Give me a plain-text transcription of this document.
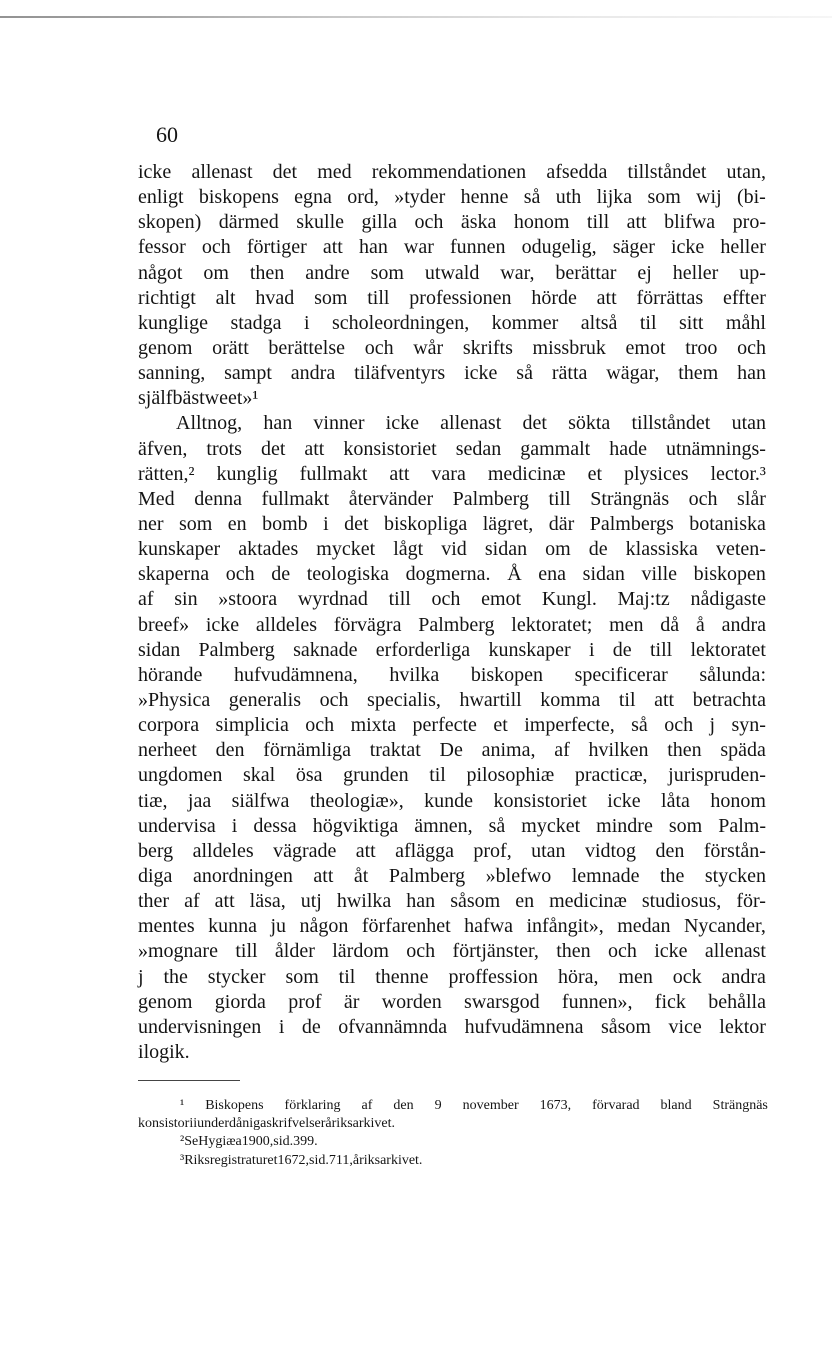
60
icke allenast det med rekommendationen afsedda tillståndet utan,
enligt biskopens egna ord, »tyder henne så uth lijka som wij (bi-
skopen) därmed skulle gilla och äska honom till att blifwa pro-
fessor och förtiger att han war funnen odugelig, säger icke heller
något om then andre som utwald war, berättar ej heller up-
richtigt alt hvad som till professionen hörde att förrättas effter
kunglige stadga i scholeordningen, kommer altså til sitt måhl
genom orätt berättelse och wår skrifts missbruk emot troo och
sanning, sampt andra tiläfventyrs icke så rätta wägar, them han
själf bäst weet»¹
Alltnog, han vinner icke allenast det sökta tillståndet utan
äfven, trots det att konsistoriet sedan gammalt hade utnämnings-
rätten,² kunglig fullmakt att vara medicinæ et plysices lector.³
Med denna fullmakt återvänder Palmberg till Strängnäs och slår
ner som en bomb i det biskopliga lägret, där Palmbergs botaniska
kunskaper aktades mycket lågt vid sidan om de klassiska veten-
skaperna och de teologiska dogmerna. Å ena sidan ville biskopen
af sin »stoora wyrdnad till och emot Kungl. Maj:tz nådigaste
breef» icke alldeles förvägra Palmberg lektoratet; men då å andra
sidan Palmberg saknade erforderliga kunskaper i de till lektoratet
hörande hufvudämnena, hvilka biskopen specificerar sålunda:
»Physica generalis och specialis, hwartill komma til att betrachta
corpora simplicia och mixta perfecte et imperfecte, så och j syn-
nerheet den förnämliga traktat De anima, af hvilken then späda
ungdomen skal ösa grunden til pilosophiæ practicæ, jurispruden-
tiæ, jaa siälfwa theologiæ», kunde konsistoriet icke låta honom
undervisa i dessa högviktiga ämnen, så mycket mindre som Palm-
berg alldeles vägrade att aflägga prof, utan vidtog den förstån-
diga anordningen att åt Palmberg »blefwo lemnade the stycken
ther af att läsa, utj hwilka han såsom en medicinæ studiosus, för-
mentes kunna ju någon förfarenhet hafwa infångit», medan Nycander,
»mognare till ålder lärdom och förtjänster, then och icke allenast
j the stycker som til thenne proffession höra, men ock andra
genom giorda prof är worden swarsgod funnen», fick behålla
undervisningen i de ofvannämnda hufvudämnena såsom vice lektor
i logik.
¹ Biskopens förklaring af den 9 november 1673, förvarad bland Strängnäs
konsistorii underdåniga skrifvelser å riksarkivet.
² Se Hygiæa 1900, sid. 399.
³ Riksregistraturet 1672, sid. 711, å riksarkivet.
